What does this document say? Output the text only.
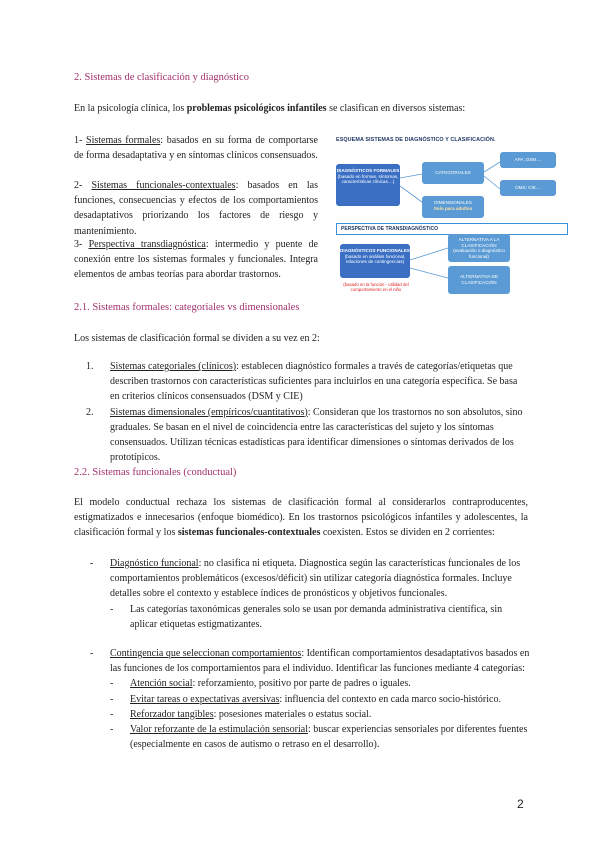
2. Sistemas de clasificación y diagnóstico
En la psicología clínica, los problemas psicológicos infantiles se clasifican en diversos sistemas:
1- Sistemas formales: basados en su forma de comportarse de forma desadaptativa y en síntomas clínicos consensuados.
2- Sistemas funcionales-contextuales: basados en las funciones, consecuencias y efectos de los comportamientos desadaptativos priorizando los factores de riesgo y mantenimiento.
3- Perspectiva transdiagnóstica: intermedio y puente de conexión entre los sistemas formales y funcionales. Integra elementos de ambas teorías para abordar trastornos.
ESQUEMA SISTEMAS DE DIAGNÓSTICO Y CLASIFICACIÓN.
DIAGNÓSTICOS FORMALES
(basado en formas, síntomas, características clínicas....)
CATEGORIALES
APA: DSM....
OMS: CIE....
DIMENSIONALES
Solo para adultos
PERSPECTIVA DE TRANSDIAGNÓSTICO
DIAGNÓSTICOS FUNCIONALES
(basado en análisis funcional, relaciones de contingencias)
(basado en la función - utilidad del comportamiento en el niño
ALTERNATIVA A LA CLASIFICACIÓN
(evaluación o diagnóstico funcional)
ALTERNATIVA DE CLASIFICACIÓN
2.1. Sistemas formales: categoriales vs dimensionales
Los sistemas de clasificación formal se dividen a su vez en 2:
1. Sistemas categoriales (clínicos): establecen diagnóstico formales a través de categorías/etiquetas que describen trastornos con características suficientes para incluirlos en una categoría específica. Se basa en criterios clínicos consensuados (DSM y CIE)
2. Sistemas dimensionales (empíricos/cuantitativos): Consideran que los trastornos no son absolutos, sino graduales. Se basan en el nivel de coincidencia entre las características del sujeto y los síntomas consensuados. Utilizan técnicas estadísticas para identificar dimensiones o síntomas derivados de los prototípicos.
2.2. Sistemas funcionales (conductual)
El modelo conductual rechaza los sistemas de clasificación formal al considerarlos contraproducentes, estigmatizados e innecesarios (enfoque biomédico). En los trastornos psicológicos infantiles y adolescentes, la clasificación formal y los sistemas funcionales-contextuales coexisten. Estos se dividen en 2 corrientes:
- Diagnóstico funcional: no clasifica ni etiqueta. Diagnostica según las características funcionales de los comportamientos problemáticos (excesos/déficit) sin utilizar categoría diagnóstica formales. Incluye detalles sobre el contexto y establece índices de pronósticos y objetivos funcionales.
- Las categorías taxonómicas generales solo se usan por demanda administrativa científica, sin aplicar etiquetas estigmatizantes.
- Contingencia que seleccionan comportamientos: Identifican comportamientos desadaptativos basados en las funciones de los comportamientos para el individuo. Identificar las funciones mediante 4 categorías:
- Atención social: reforzamiento, positivo por parte de padres o iguales.
- Evitar tareas o expectativas aversivas: influencia del contexto en cada marco socio-histórico.
- Reforzador tangibles: posesiones materiales o estatus social.
- Valor reforzante de la estimulación sensorial: buscar experiencias sensoriales por diferentes fuentes (especialmente en casos de autismo o retraso en el desarrollo).
2
